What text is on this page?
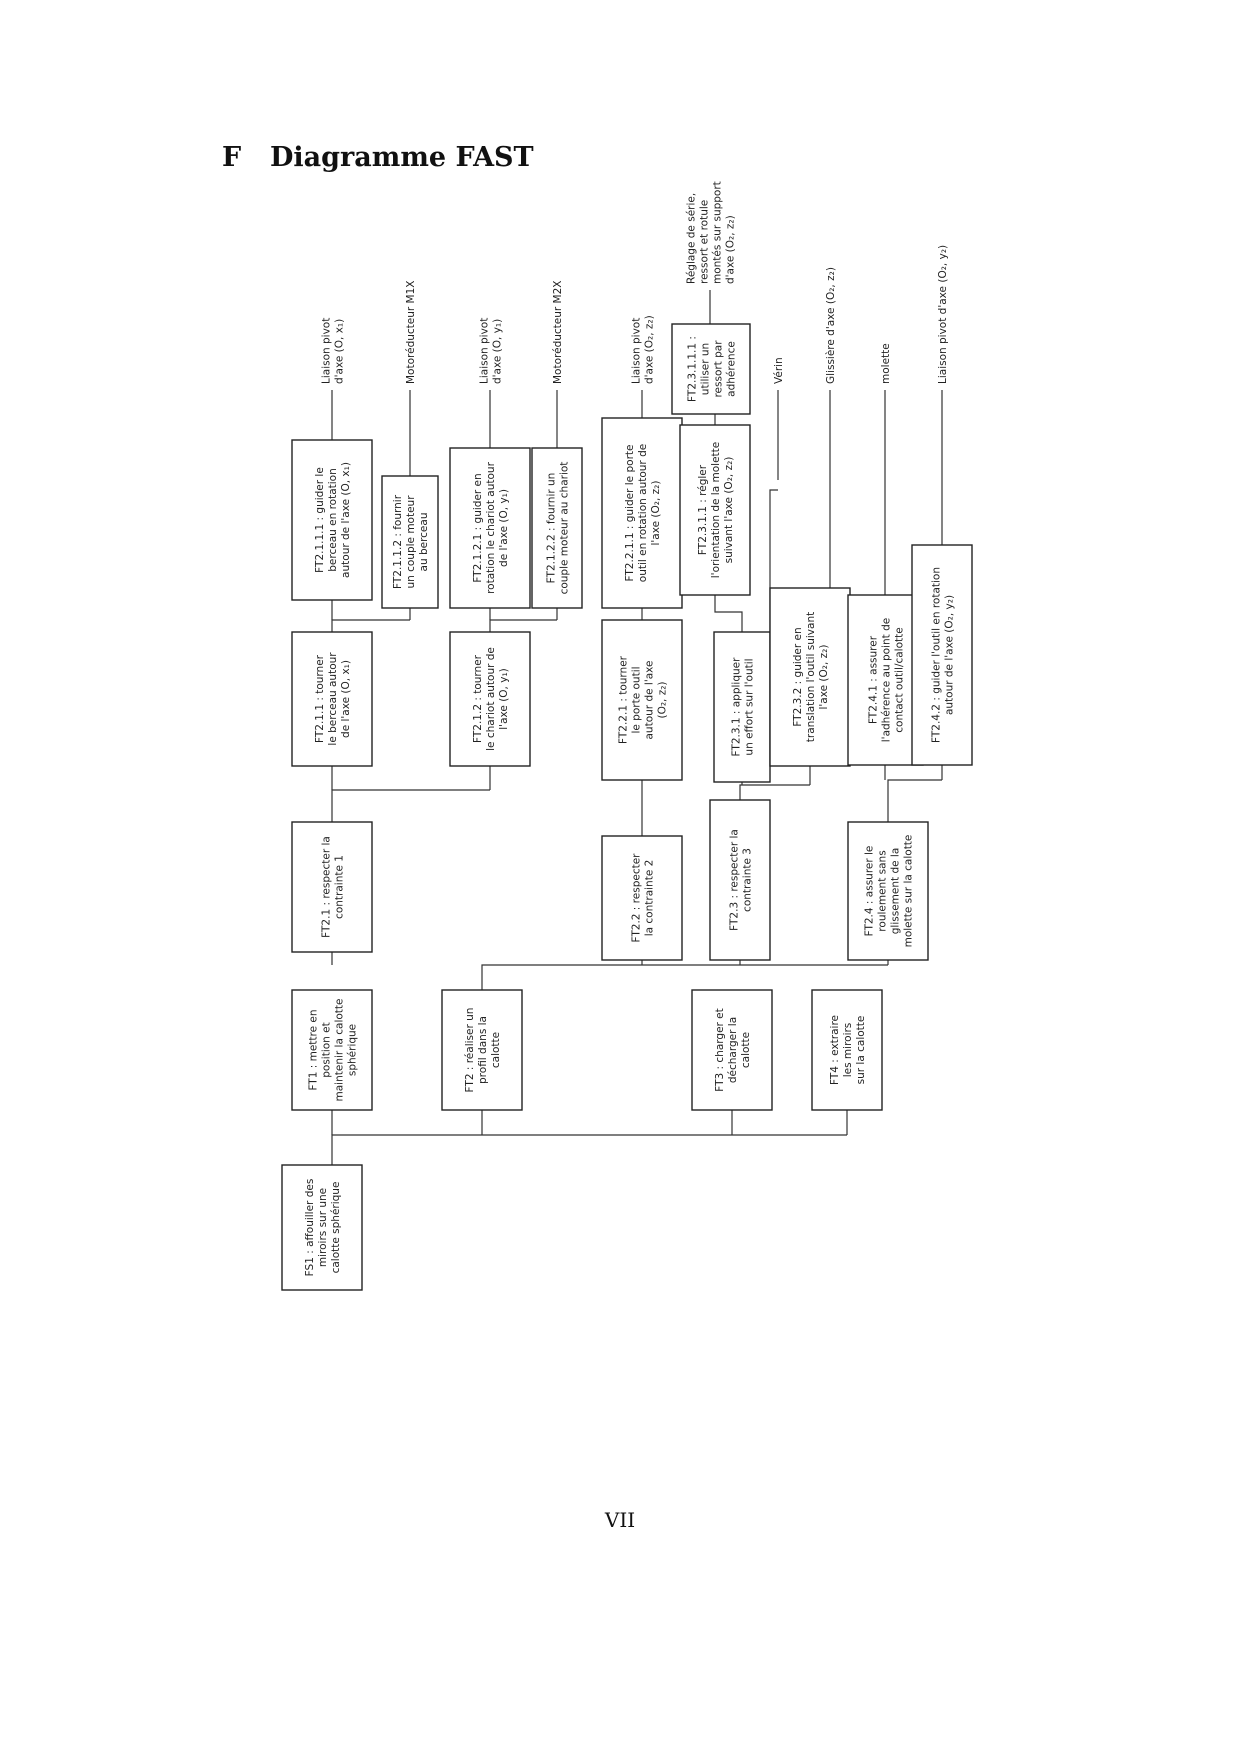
F Diagramme FAST
FS1 : affouiller desmiroirs sur unecalotte sphérique
FT1 : mettre enposition etmaintenir la calottesphérique	FT2 : réaliser unprofil dans lacalotte	FT3 : charger etdécharger lacalotte	FT4 : extraireles miroirssur la calotte
FT2.1 : respecter lacontrainte 1	FT2.2 : respecterla contrainte 2	FT2.3 : respecter lacontrainte 3	FT2.4 : assurer leroulement sansglissement de lamolette sur la calotte
FT2.1.1 : tournerle berceau autourde l'axe (O, x₁)	FT2.1.2 : tournerle chariot autour del'axe (O, y₁)	FT2.2.1 : tournerle porte outilautour de l'axe(O₂, z₂)	FT2.3.1 : appliquerun effort sur l'outil	FT2.3.2 : guider entranslation l'outil suivantl'axe (O₂, z₂)	FT2.4.1 : assurerl'adhérence au point decontact outil/calotte FT2.4.2 : guider l'outil en rotationautour de l'axe (O₂, y₂)
FT2.1.1.1 : guider leberceau en rotationautour de l'axe (O, x₁)	FT2.1.1.2 : fournirun couple moteurau berceau	FT2.1.2.1 : guider enrotation le chariot autourde l'axe (O, y₁)	FT2.1.2.2 : fournir uncouple moteur au chariot	FT2.2.1.1 : guider le porteoutil en rotation autour del'axe (O₂, z₂)	FT2.3.1.1 : réglerl'orientation de la molettesuivant l'axe (O₂, z₂)
FT2.3.1.1.1 :utiliser unressort paradhérence
Liaison pivotd'axe (O, x₁)	Motoréducteur M1X	Liaison pivotd'axe (O, y₁)	Motoréducteur M2X	Liaison pivotd'axe (O₂, z₂)
Réglage de série,ressort et rotulemontés sur supportd'axe (O₂, z₂)
Vérin	Glissière d'axe (O₂, z₂)	molette	Liaison pivot d'axe (O₂, y₂)
VII
